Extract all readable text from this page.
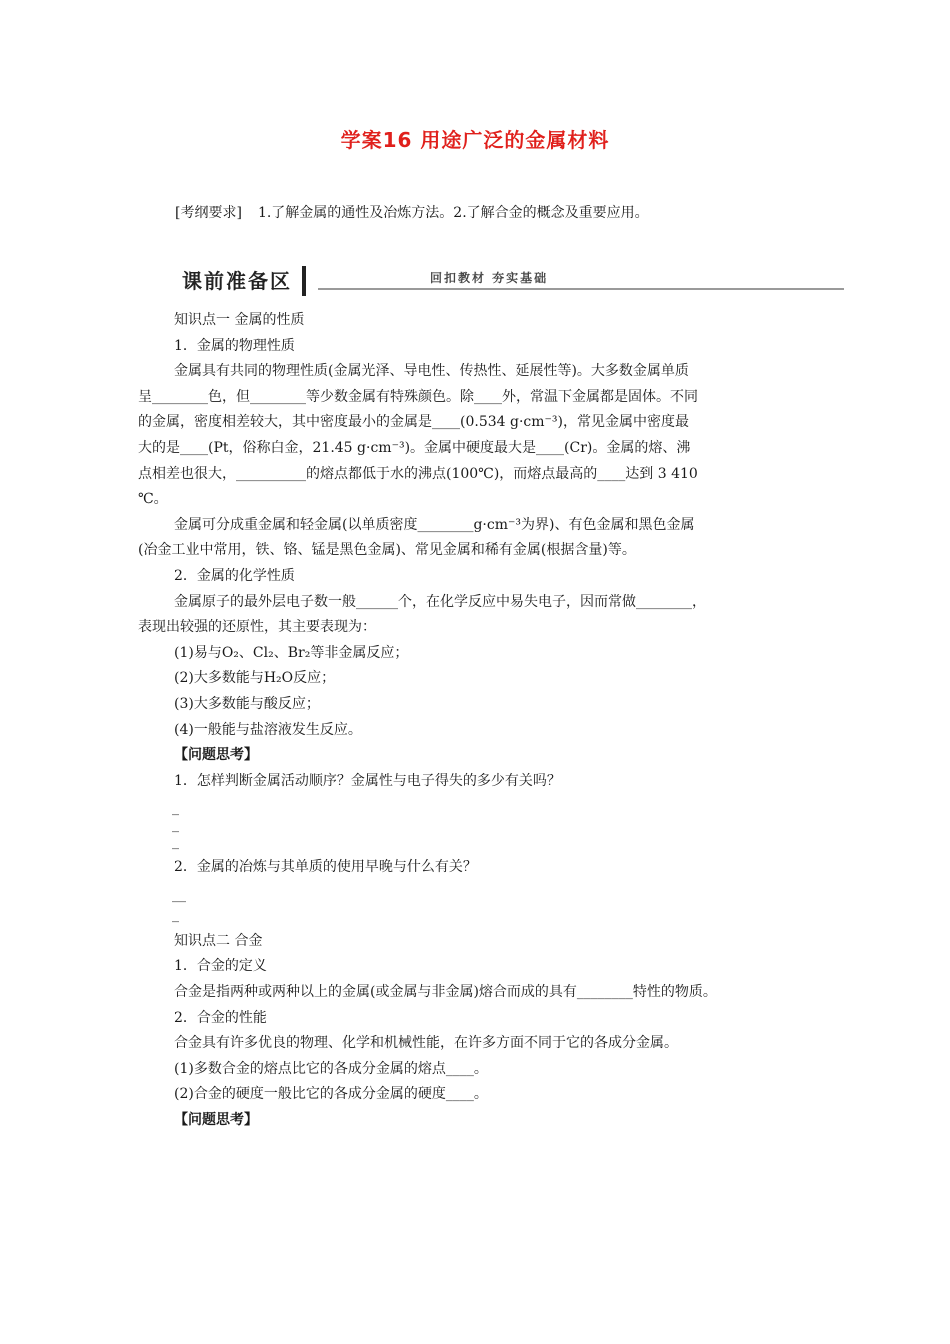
学案16 用途广泛的金属材料
[考纲要求] 1.了解金属的通性及冶炼方法。2.了解合金的概念及重要应用。
课前准备区	回扣教材 夯实基础

知识点一 金属的性质

1．金属的物理性质

金属具有共同的物理性质(金属光泽、导电性、传热性、延展性等)。大多数金属单质

呈________色，但________等少数金属有特殊颜色。除____外，常温下金属都是固体。不同

的金属，密度相差较大，其中密度最小的金属是____(0.534 g·cm⁻³)，常见金属中密度最

大的是____(Pt，俗称白金，21.45 g·cm⁻³)。金属中硬度最大是____(Cr)。金属的熔、沸

点相差也很大，__________的熔点都低于水的沸点(100℃)，而熔点最高的____达到 3 410

℃。

金属可分成重金属和轻金属(以单质密度________g·cm⁻³为界)、有色金属和黑色金属

(冶金工业中常用，铁、铬、锰是黑色金属)、常见金属和稀有金属(根据含量)等。

2．金属的化学性质

金属原子的最外层电子数一般______个，在化学反应中易失电子，因而常做________，

表现出较强的还原性，其主要表现为：

(1)易与O₂、Cl₂、Br₂等非金属反应；

(2)大多数能与H₂O反应；

(3)大多数能与酸反应；

(4)一般能与盐溶液发生反应。

【问题思考】

1．怎样判断金属活动顺序？金属性与电子得失的多少有关吗？

_

_

_

2．金属的冶炼与其单质的使用早晚与什么有关？

__

_

知识点二 合金

1．合金的定义

合金是指两种或两种以上的金属(或金属与非金属)熔合而成的具有________特性的物质。

2．合金的性能

合金具有许多优良的物理、化学和机械性能，在许多方面不同于它的各成分金属。

(1)多数合金的熔点比它的各成分金属的熔点____。

(2)合金的硬度一般比它的各成分金属的硬度____。

【问题思考】
